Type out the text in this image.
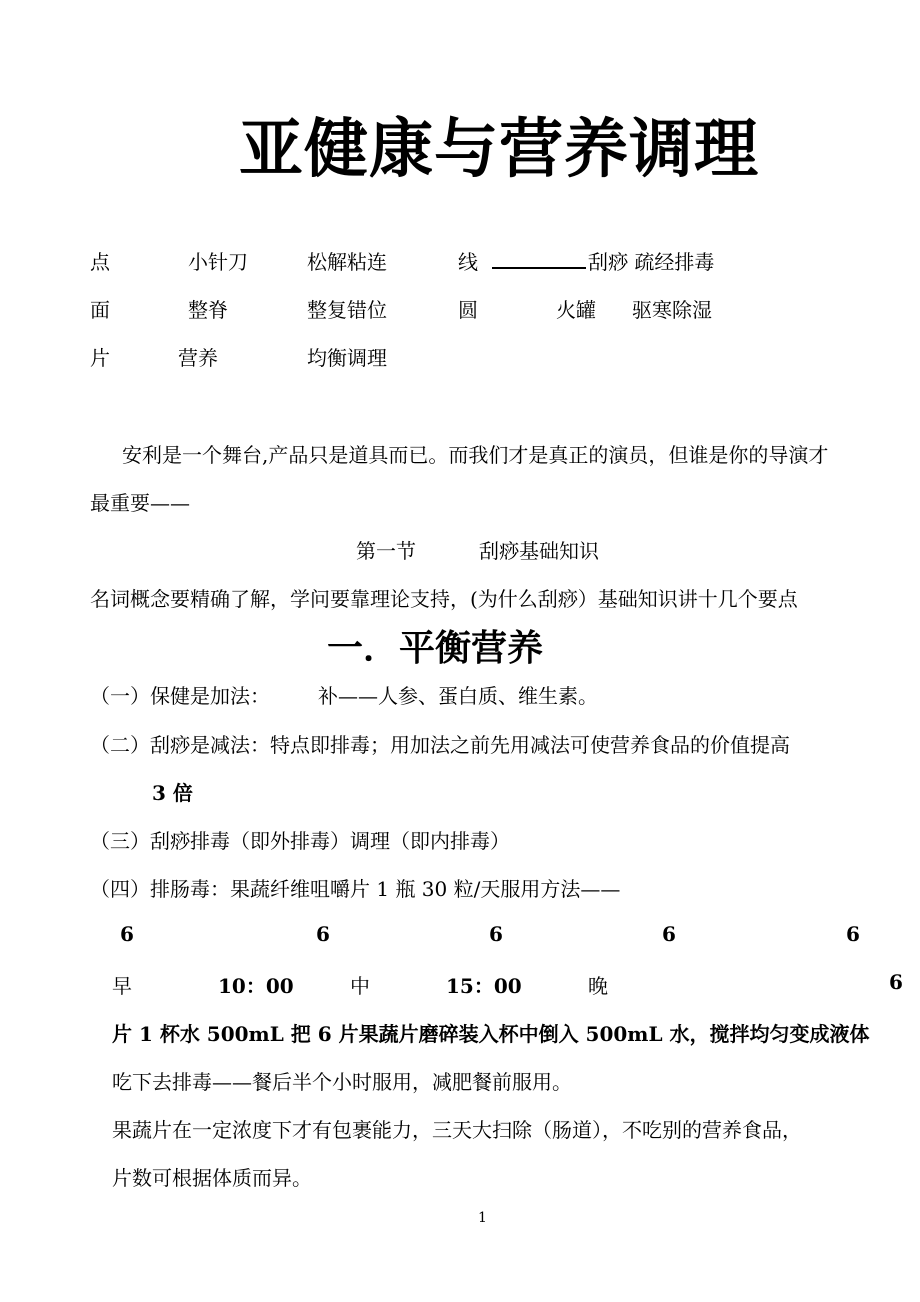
亚健康与营养调理
点	小针刀	松解粘连	线	刮痧 疏经排毒
面	整脊	整复错位	圆	火罐 驱寒除湿
片	营养	均衡调理
安利是一个舞台,产品只是道具而已。而我们才是真正的演员，但谁是你的导演才
最重要——
第一节	刮痧基础知识
名词概念要精确了解，学问要靠理论支持，(为什么刮痧）基础知识讲十几个要点
一．平衡营养
（一）保健是加法： 补——人参、蛋白质、维生素。
（二）刮痧是减法：特点即排毒；用加法之前先用减法可使营养食品的价值提高
3 倍
（三）刮痧排毒（即外排毒）调理（即内排毒）
（四）排肠毒：果蔬纤维咀嚼片 1 瓶 30 粒/天服用方法——
6	6	6	6	6
早	10：00	中	15：00	晚	6
片 1 杯水 500mL 把 6 片果蔬片磨碎装入杯中倒入 500mL 水，搅拌均匀变成液体
吃下去排毒——餐后半个小时服用，减肥餐前服用。
果蔬片在一定浓度下才有包裹能力，三天大扫除（肠道），不吃别的营养食品，
片数可根据体质而异。
1
